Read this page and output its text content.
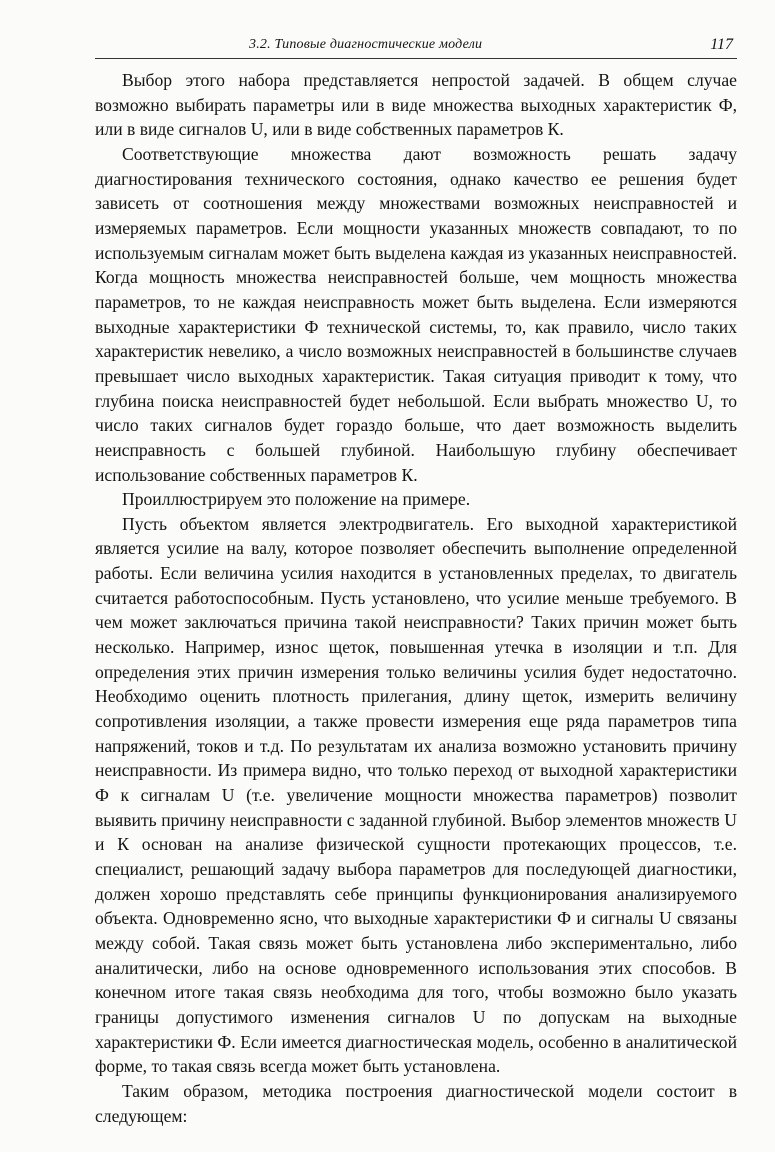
3.2. Типовые диагностические модели	117

Выбор этого набора представляется непростой задачей. В общем случае возможно выбирать параметры или в виде множества выходных характеристик Ф, или в виде сигналов U, или в виде собственных параметров К.

Соответствующие множества дают возможность решать задачу диагностирования технического состояния, однако качество ее решения будет зависеть от соотношения между множествами возможных неисправностей и измеряемых параметров. Если мощности указанных множеств совпадают, то по используемым сигналам может быть выделена каждая из указанных неисправностей. Когда мощность множества неисправностей больше, чем мощность множества параметров, то не каждая неисправность может быть выделена. Если измеряются выходные характеристики Ф технической системы, то, как правило, число таких характеристик невелико, а число возможных неисправностей в большинстве случаев превышает число выходных характеристик. Такая ситуация приводит к тому, что глубина поиска неисправностей будет небольшой. Если выбрать множество U, то число таких сигналов будет гораздо больше, что дает возможность выделить неисправность с большей глубиной. Наибольшую глубину обеспечивает использование собственных параметров К.

Проиллюстрируем это положение на примере.

Пусть объектом является электродвигатель. Его выходной характеристикой является усилие на валу, которое позволяет обеспечить выполнение определенной работы. Если величина усилия находится в установленных пределах, то двигатель считается работоспособным. Пусть установлено, что усилие меньше требуемого. В чем может заключаться причина такой неисправности? Таких причин может быть несколько. Например, износ щеток, повышенная утечка в изоляции и т.п. Для определения этих причин измерения только величины усилия будет недостаточно. Необходимо оценить плотность прилегания, длину щеток, измерить величину сопротивления изоляции, а также провести измерения еще ряда параметров типа напряжений, токов и т.д. По результатам их анализа возможно установить причину неисправности. Из примера видно, что только переход от выходной характеристики Ф к сигналам U (т.е. увеличение мощности множества параметров) позволит выявить причину неисправности с заданной глубиной. Выбор элементов множеств U и К основан на анализе физической сущности протекающих процессов, т.е. специалист, решающий задачу выбора параметров для последующей диагностики, должен хорошо представлять себе принципы функционирования анализируемого объекта. Одновременно ясно, что выходные характеристики Ф и сигналы U связаны между собой. Такая связь может быть установлена либо экспериментально, либо аналитически, либо на основе одновременного использования этих способов. В конечном итоге такая связь необходима для того, чтобы возможно было указать границы допустимого изменения сигналов U по допускам на выходные характеристики Ф. Если имеется диагностическая модель, особенно в аналитической форме, то такая связь всегда может быть установлена.

Таким образом, методика построения диагностической модели состоит в следующем:
